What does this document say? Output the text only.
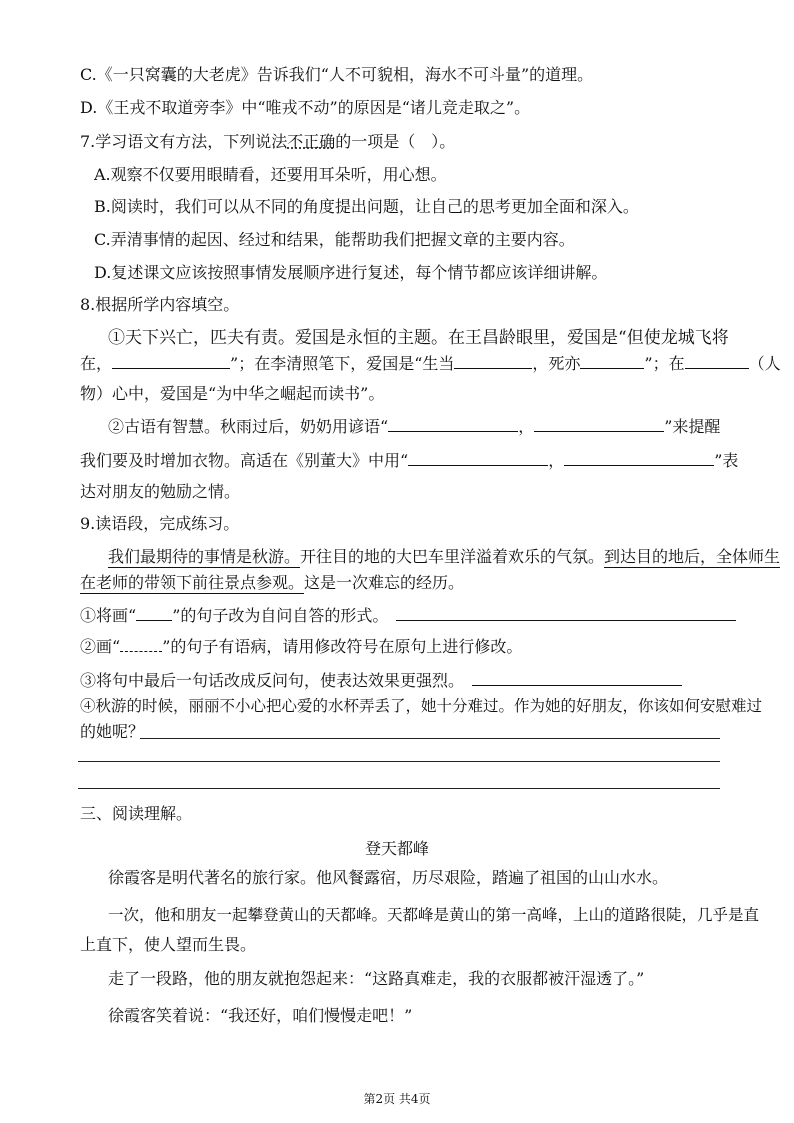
C.《一只窝囊的大老虎》告诉我们“人不可貌相，海水不可斗量”的道理。
D.《王戎不取道旁李》中“唯戎不动”的原因是“诸儿竞走取之”。
7.学习语文有方法，下列说法不正确的一项是（　）。
A.观察不仅要用眼睛看，还要用耳朵听，用心想。
B.阅读时，我们可以从不同的角度提出问题，让自己的思考更加全面和深入。
C.弄清事情的起因、经过和结果，能帮助我们把握文章的主要内容。
D.复述课文应该按照事情发展顺序进行复述，每个情节都应该详细讲解。
8.根据所学内容填空。
①天下兴亡，匹夫有责。爱国是永恒的主题。在王昌龄眼里，爱国是“但使龙城飞将
在，	”；在李清照笔下，爱国是“生当	，死亦	”；在	（人
物）心中，爱国是“为中华之崛起而读书”。
②古语有智慧。秋雨过后，奶奶用谚语“	，	”来提醒
我们要及时增加衣物。高适在《别董大》中用“	，	”表
达对朋友的勉励之情。
9.读语段，完成练习。
我们最期待的事情是秋游。开往目的地的大巴车里洋溢着欢乐的气氛。到达目的地后，全体师生
在老师的带领下前往景点参观。这是一次难忘的经历。
①将画“ ”的句子改为自问自答的形式。
②画“	”的句子有语病，请用修改符号在原句上进行修改。
③将句中最后一句话改成反问句，使表达效果更强烈。
④秋游的时候，丽丽不小心把心爱的水杯弄丢了，她十分难过。作为她的好朋友，你该如何安慰难过
的她呢？
三、阅读理解。
登天都峰
徐霞客是明代著名的旅行家。他风餐露宿，历尽艰险，踏遍了祖国的山山水水。
一次，他和朋友一起攀登黄山的天都峰。天都峰是黄山的第一高峰，上山的道路很陡，几乎是直
上直下，使人望而生畏。
走了一段路，他的朋友就抱怨起来：“这路真难走，我的衣服都被汗湿透了。”
徐霞客笑着说：“我还好，咱们慢慢走吧！”
第2页 共4页
